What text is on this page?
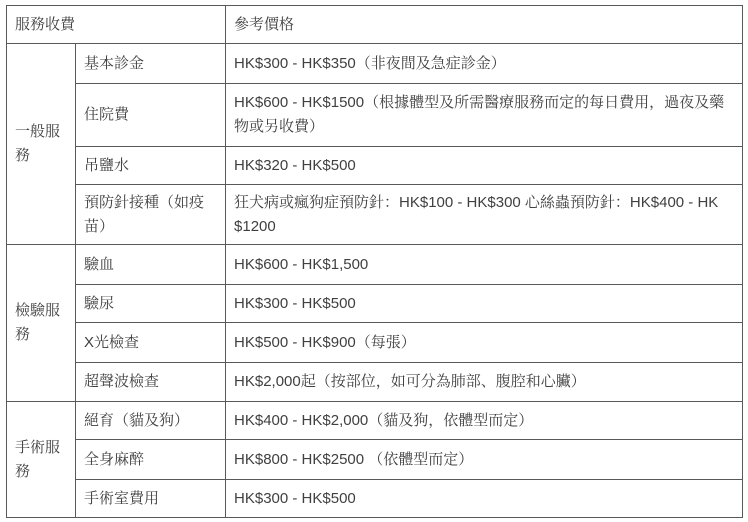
服務收費		參考價格
一般服務	基本診金	HK$300 - HK$350（非夜間及急症診金）
	住院費	HK$600 - HK$1500（根據體型及所需醫療服務而定的每日費用，過夜及藥物或另收費）
	吊鹽水	HK$320 - HK$500
	預防針接種（如疫苗）	狂犬病或瘋狗症預防針：HK$100 - HK$300 心絲蟲預防針：HK$400 - HK$1200
檢驗服務	驗血	HK$600 - HK$1,500
	驗尿	HK$300 - HK$500
	X光檢查	HK$500 - HK$900（每張）
	超聲波檢查	HK$2,000起（按部位，如可分為肺部、腹腔和心臟）
手術服務	絕育（貓及狗）	HK$400 - HK$2,000（貓及狗，依體型而定）
	全身麻醉	HK$800 - HK$2500 （依體型而定）
	手術室費用	HK$300 - HK$500
